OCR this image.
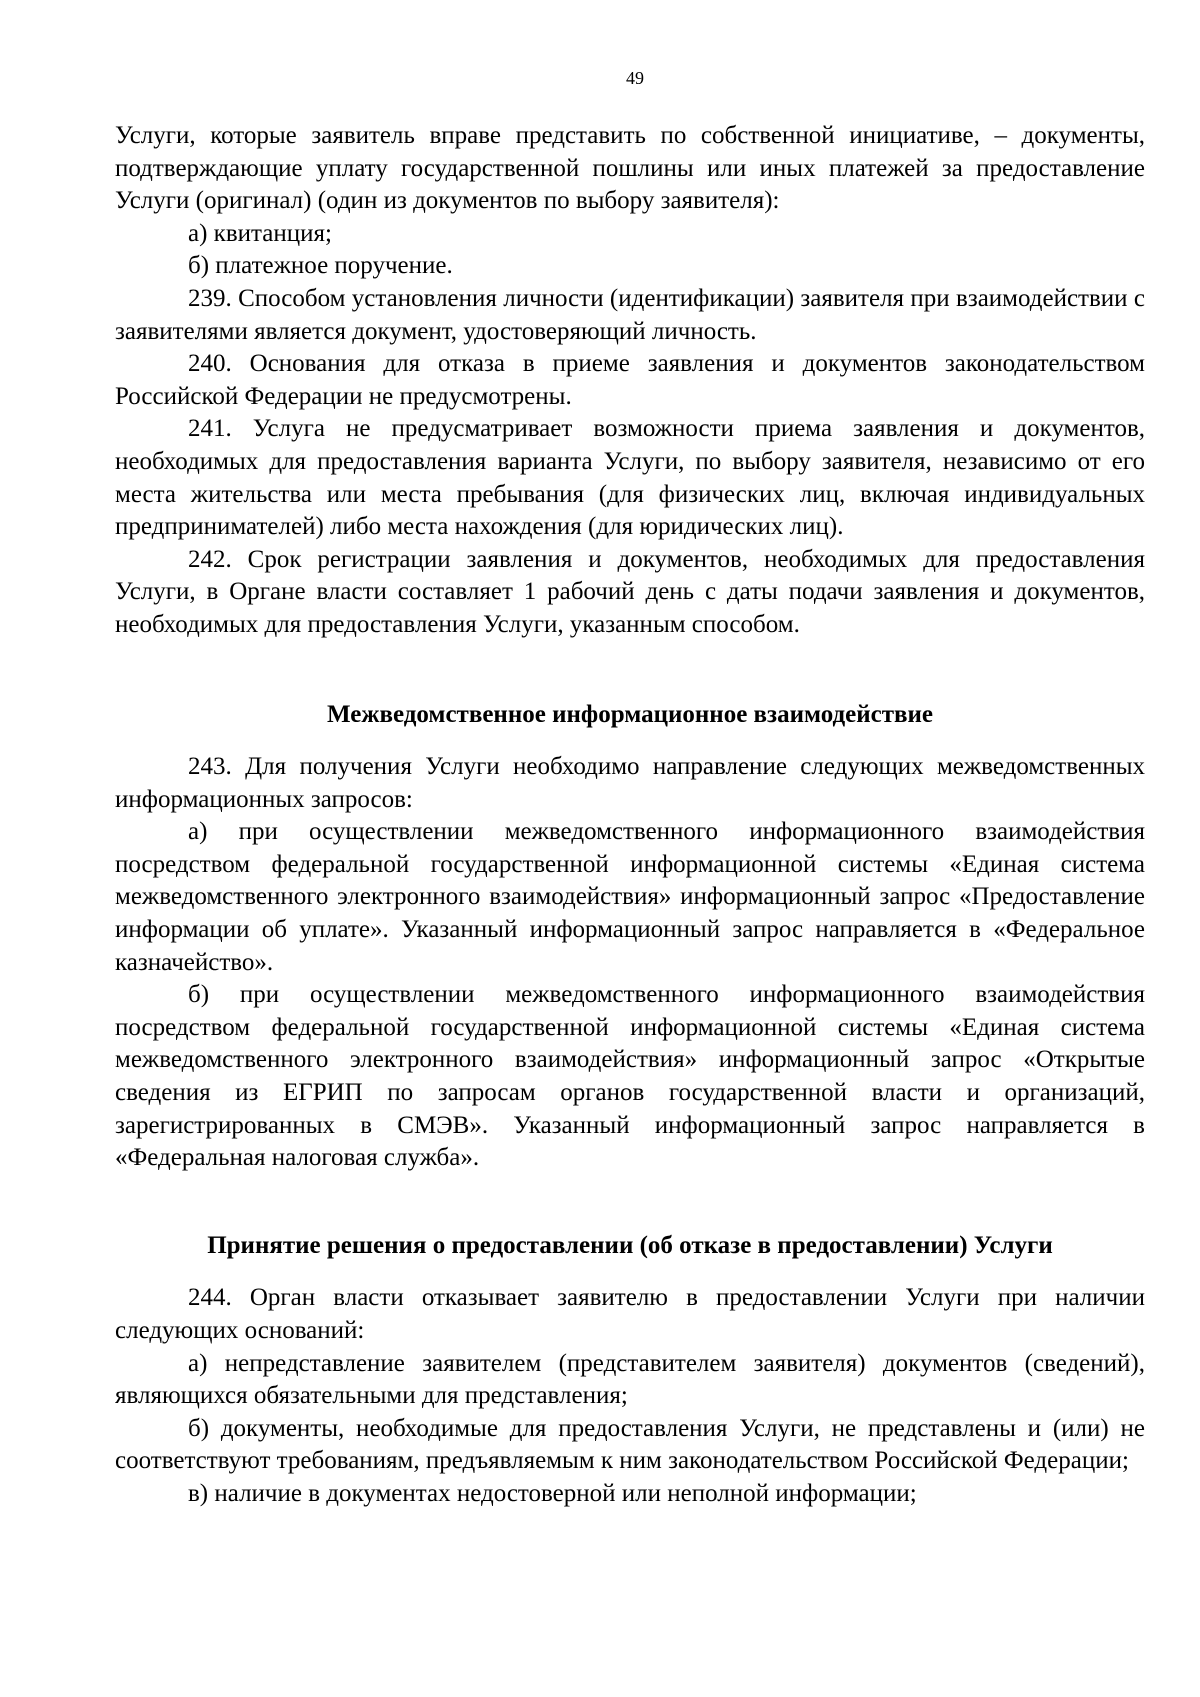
49

Услуги, которые заявитель вправе представить по собственной инициативе, – документы, подтверждающие уплату государственной пошлины или иных платежей за предоставление Услуги (оригинал) (один из документов по выбору заявителя):

а) квитанция;

б) платежное поручение.

239. Способом установления личности (идентификации) заявителя при взаимодействии с заявителями является документ, удостоверяющий личность.

240. Основания для отказа в приеме заявления и документов законодательством Российской Федерации не предусмотрены.

241. Услуга не предусматривает возможности приема заявления и документов, необходимых для предоставления варианта Услуги, по выбору заявителя, независимо от его места жительства или места пребывания (для физических лиц, включая индивидуальных предпринимателей) либо места нахождения (для юридических лиц).

242. Срок регистрации заявления и документов, необходимых для предоставления Услуги, в Органе власти составляет 1 рабочий день с даты подачи заявления и документов, необходимых для предоставления Услуги, указанным способом.

Межведомственное информационное взаимодействие

243. Для получения Услуги необходимо направление следующих межведомственных информационных запросов:

а) при осуществлении межведомственного информационного взаимодействия посредством федеральной государственной информационной системы «Единая система межведомственного электронного взаимодействия» информационный запрос «Предоставление информации об уплате». Указанный информационный запрос направляется в «Федеральное казначейство».

б) при осуществлении межведомственного информационного взаимодействия посредством федеральной государственной информационной системы «Единая система межведомственного электронного взаимодействия» информационный запрос «Открытые сведения из ЕГРИП по запросам органов государственной власти и организаций, зарегистрированных в СМЭВ». Указанный информационный запрос направляется в «Федеральная налоговая служба».

Принятие решения о предоставлении (об отказе в предоставлении) Услуги

244. Орган власти отказывает заявителю в предоставлении Услуги при наличии следующих оснований:

а) непредставление заявителем (представителем заявителя) документов (сведений), являющихся обязательными для представления;

б) документы, необходимые для предоставления Услуги, не представлены и (или) не соответствуют требованиям, предъявляемым к ним законодательством Российской Федерации;

в) наличие в документах недостоверной или неполной информации;
